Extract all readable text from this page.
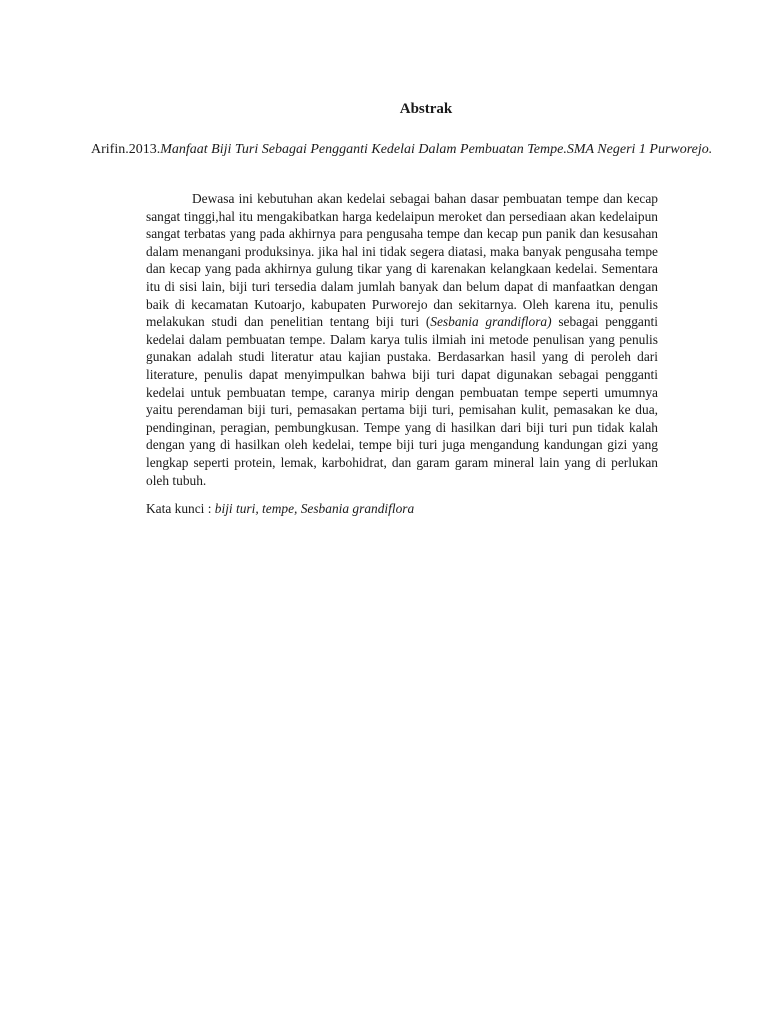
Abstrak
Arifin.2013.Manfaat Biji Turi Sebagai Pengganti Kedelai Dalam Pembuatan Tempe.SMA Negeri 1 Purworejo.

Dewasa ini kebutuhan akan kedelai sebagai bahan dasar pembuatan tempe dan kecap sangat tinggi,hal itu mengakibatkan harga kedelaipun meroket dan persediaan akan kedelaipun sangat terbatas yang pada akhirnya para pengusaha tempe dan kecap pun panik dan kesusahan dalam menangani produksinya. jika hal ini tidak segera diatasi, maka banyak pengusaha tempe dan kecap yang pada akhirnya gulung tikar yang di karenakan kelangkaan kedelai. Sementara itu di sisi lain, biji turi tersedia dalam jumlah banyak dan belum dapat di manfaatkan dengan baik di kecamatan Kutoarjo, kabupaten Purworejo dan sekitarnya. Oleh karena itu, penulis melakukan studi dan penelitian tentang biji turi (Sesbania grandiflora) sebagai pengganti kedelai dalam pembuatan tempe. Dalam karya tulis ilmiah ini metode penulisan yang penulis gunakan adalah studi literatur atau kajian pustaka. Berdasarkan hasil yang di peroleh dari literature, penulis dapat menyimpulkan bahwa biji turi dapat digunakan sebagai pengganti kedelai untuk pembuatan tempe, caranya mirip dengan pembuatan tempe seperti umumnya yaitu perendaman biji turi, pemasakan pertama biji turi, pemisahan kulit, pemasakan ke dua, pendinginan, peragian, pembungkusan. Tempe yang di hasilkan dari biji turi pun tidak kalah dengan yang di hasilkan oleh kedelai, tempe biji turi juga mengandung kandungan gizi yang lengkap seperti protein, lemak, karbohidrat, dan garam garam mineral lain yang di perlukan oleh tubuh.

Kata kunci : biji turi, tempe, Sesbania grandiflora
